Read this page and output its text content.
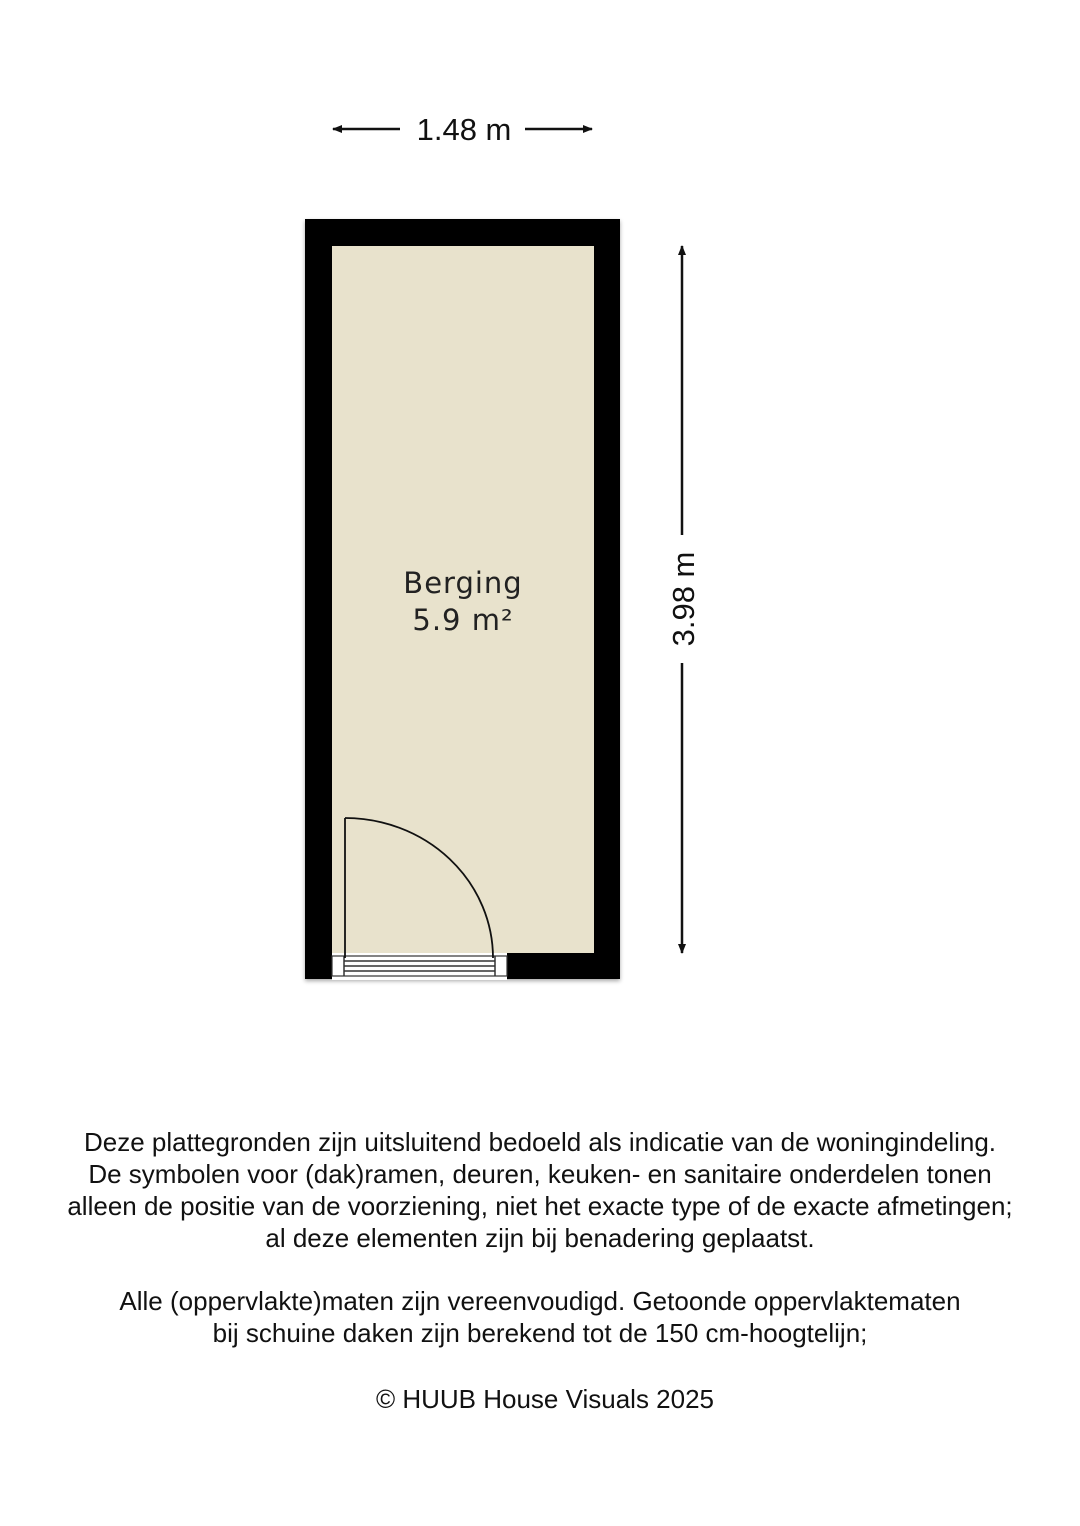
1.48 m
Berging
5.9 m²	3.98 m
Deze plattegronden zijn uitsluitend bedoeld als indicatie van de woningindeling.
De symbolen voor (dak)ramen, deuren, keuken- en sanitaire onderdelen tonen
alleen de positie van de voorziening, niet het exacte type of de exacte afmetingen;
al deze elementen zijn bij benadering geplaatst.
Alle (oppervlakte)maten zijn vereenvoudigd. Getoonde oppervlaktematen
bij schuine daken zijn berekend tot de 150 cm-hoogtelijn;
© HUUB House Visuals 2025
